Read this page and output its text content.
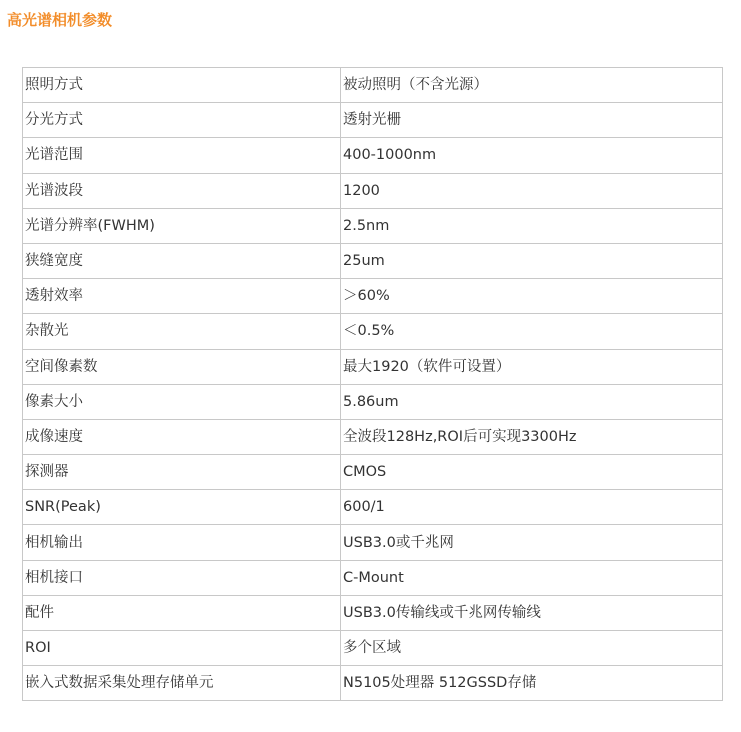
高光谱相机参数
照明方式	被动照明（不含光源）
分光方式	透射光栅
光谱范围	400-1000nm
光谱波段	1200
光谱分辨率(FWHM)	2.5nm
狭缝宽度	25um
透射效率	＞60%
杂散光	＜0.5%
空间像素数	最大1920（软件可设置）
像素大小	5.86um
成像速度	全波段128Hz,ROI后可实现3300Hz
探测器	CMOS
SNR(Peak)	600/1
相机输出	USB3.0或千兆网
相机接口	C-Mount
配件	USB3.0传输线或千兆网传输线
ROI	多个区域
嵌入式数据采集处理存储单元	N5105处理器 512GSSD存储
